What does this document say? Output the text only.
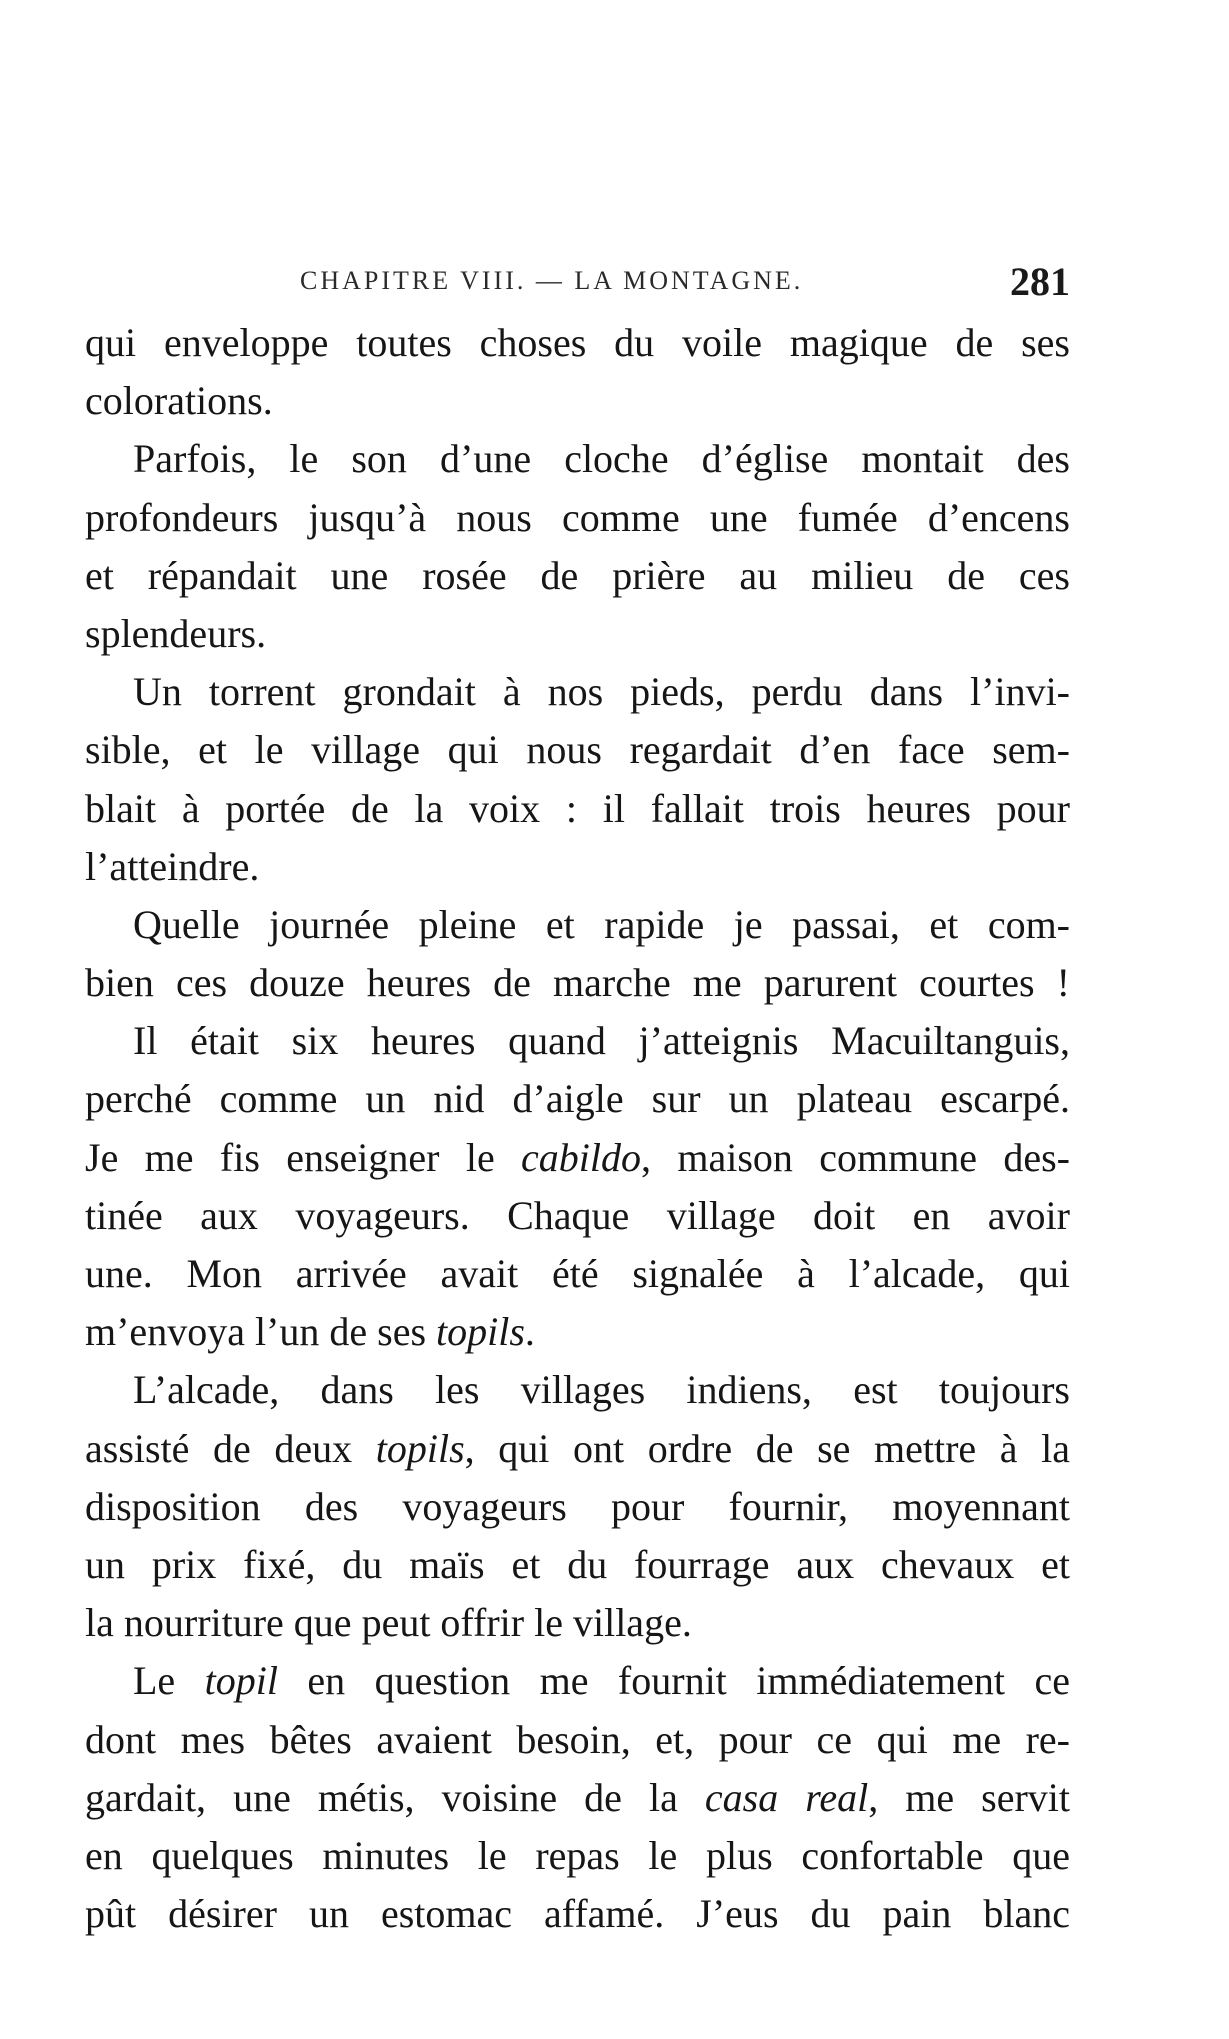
CHAPITRE VIII. — LA MONTAGNE.	281
qui enveloppe toutes choses du voile magique de ses
colorations.
Parfois, le son d’une cloche d’église montait des
profondeurs jusqu’à nous comme une fumée d’encens
et répandait une rosée de prière au milieu de ces
splendeurs.
Un torrent grondait à nos pieds, perdu dans l’invi-
sible, et le village qui nous regardait d’en face sem-
blait à portée de la voix : il fallait trois heures pour
l’atteindre.
Quelle journée pleine et rapide je passai, et com-
bien ces douze heures de marche me parurent courtes !
Il était six heures quand j’atteignis Macuiltanguis,
perché comme un nid d’aigle sur un plateau escarpé.
Je me fis enseigner le cabildo, maison commune des-
tinée aux voyageurs. Chaque village doit en avoir
une. Mon arrivée avait été signalée à l’alcade, qui
m’envoya l’un de ses topils.
L’alcade, dans les villages indiens, est toujours
assisté de deux topils, qui ont ordre de se mettre à la
disposition des voyageurs pour fournir, moyennant
un prix fixé, du maïs et du fourrage aux chevaux et
la nourriture que peut offrir le village.
Le topil en question me fournit immédiatement ce
dont mes bêtes avaient besoin, et, pour ce qui me re-
gardait, une métis, voisine de la casa real, me servit
en quelques minutes le repas le plus confortable que
pût désirer un estomac affamé. J’eus du pain blanc
